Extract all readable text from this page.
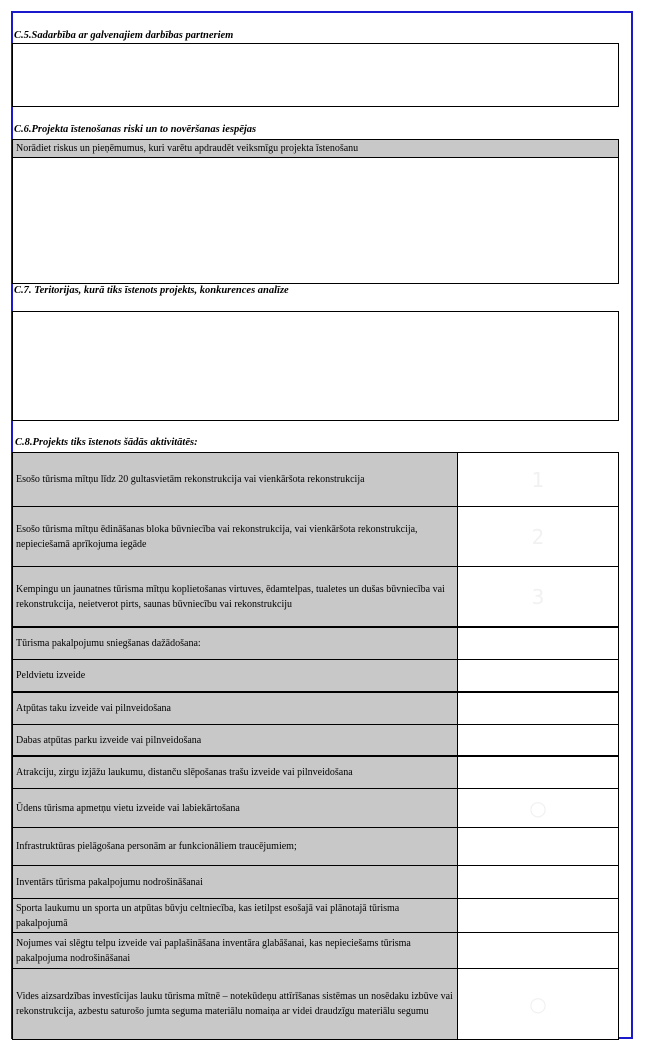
C.5.Sadarbība ar galvenajiem darbības partneriem
C.6.Projekta īstenošanas riski un to novēršanas iespējas
Norādiet riskus un pieņēmumus, kuri varētu apdraudēt veiksmīgu projekta īstenošanu
C.7. Teritorijas, kurā tiks īstenots projekts, konkurences analīze
C.8.Projekts tiks īstenots šādās aktivitātēs:
Esošo tūrisma mītņu līdz 20 gultasvietām rekonstrukcija vai vienkāršota rekonstrukcija	1
Esošo tūrisma mītņu ēdināšanas bloka būvniecība vai rekonstrukcija, vai vienkāršota rekonstrukcija, nepieciešamā aprīkojuma iegāde	2
Kempingu un jaunatnes tūrisma mītņu koplietošanas virtuves, ēdamtelpas, tualetes un dušas būvniecība vai rekonstrukcija, neietverot pirts, saunas būvniecību vai rekonstrukciju	3
Tūrisma pakalpojumu sniegšanas dažādošana:
Peldvietu izveide
Atpūtas taku izveide vai pilnveidošana
Dabas atpūtas parku izveide vai pilnveidošana
Atrakciju, zirgu izjāžu laukumu, distanču slēpošanas trašu izveide vai pilnveidošana
Ūdens tūrisma apmetņu vietu izveide vai labiekārtošana	○
Infrastruktūras pielāgošana personām ar funkcionāliem traucējumiem;
Inventārs tūrisma pakalpojumu nodrošināšanai
Sporta laukumu un sporta un atpūtas būvju celtniecība, kas ietilpst esošajā vai plānotajā tūrisma pakalpojumā
Nojumes vai slēgtu telpu izveide vai paplašināšana inventāra glabāšanai, kas nepieciešams tūrisma pakalpojuma nodrošināšanai
Vides aizsardzības investīcijas lauku tūrisma mītnē – notekūdeņu attīrīšanas sistēmas un nosēdaku izbūve vai rekonstrukcija, azbestu saturošo jumta seguma materiālu nomaiņa ar videi draudzīgu materiālu segumu	○
